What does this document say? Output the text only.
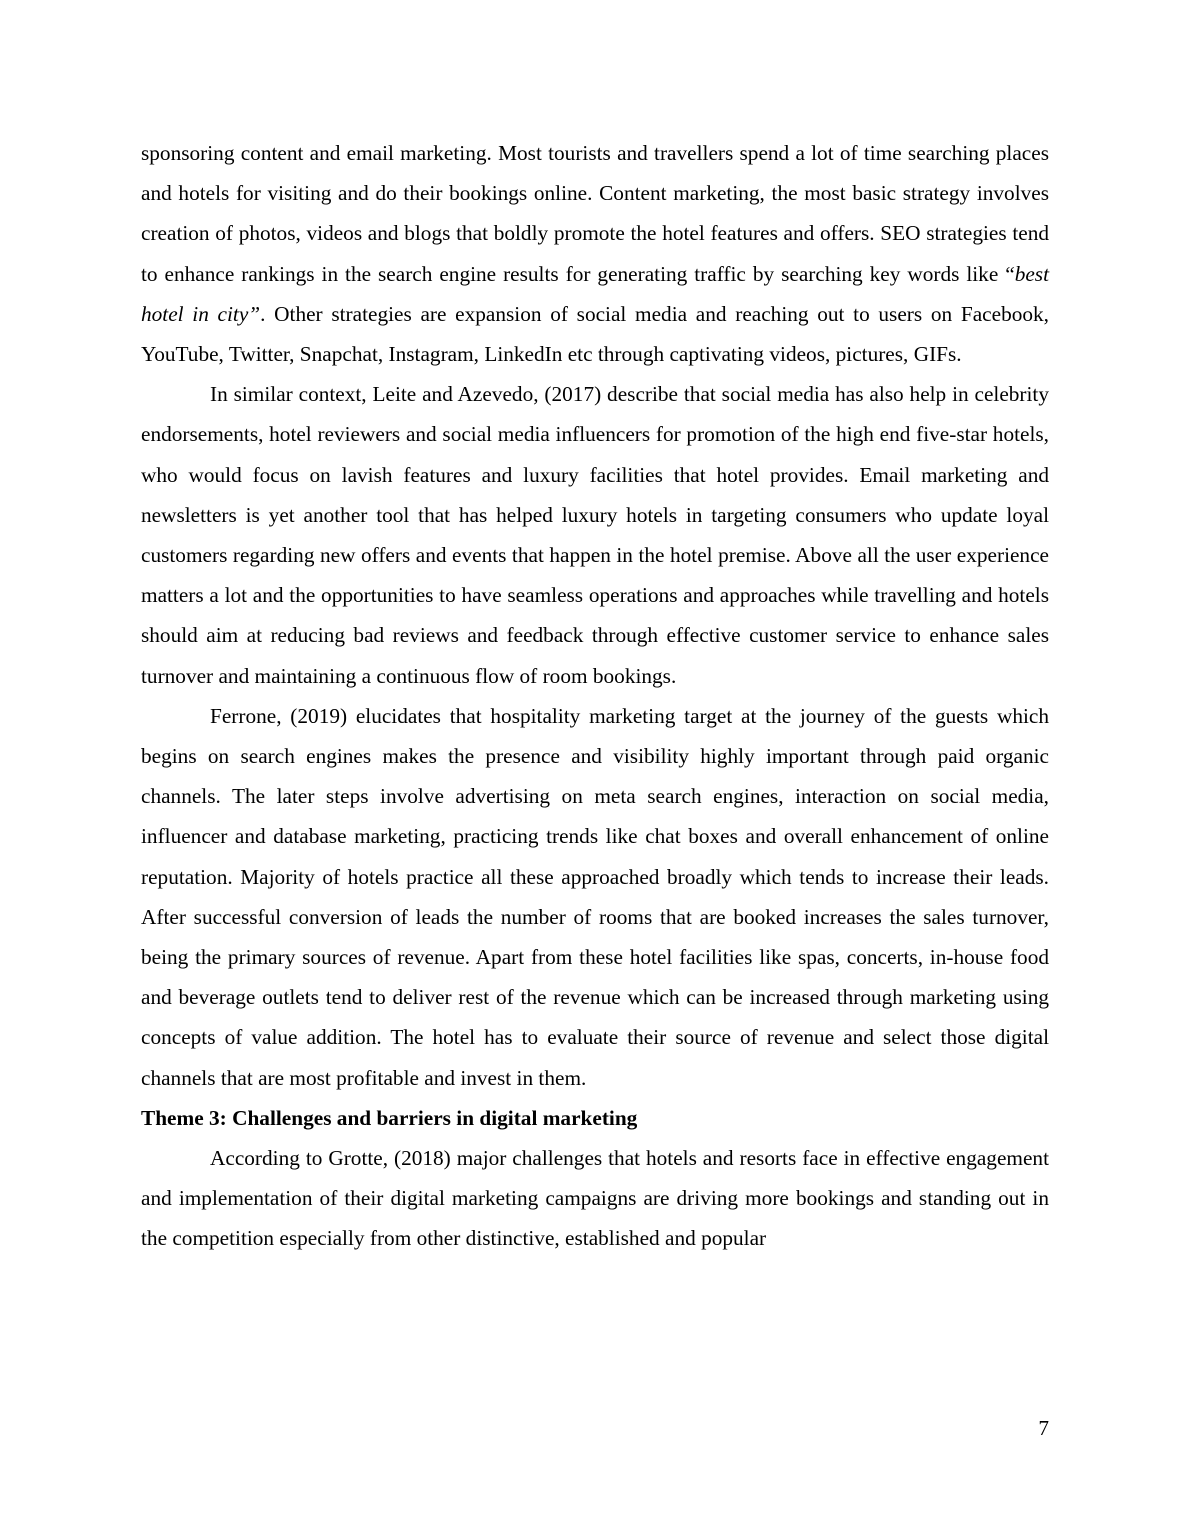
sponsoring content and email marketing. Most tourists and travellers spend a lot of time searching places and hotels for visiting and do their bookings online. Content marketing, the most basic strategy involves creation of photos, videos and blogs that boldly promote the hotel features and offers. SEO strategies tend to enhance rankings in the search engine results for generating traffic by searching key words like “best hotel in city”. Other strategies are expansion of social media and reaching out to users on Facebook, YouTube, Twitter, Snapchat, Instagram, LinkedIn etc through captivating videos, pictures, GIFs.

In similar context, Leite and Azevedo, (2017) describe that social media has also help in celebrity endorsements, hotel reviewers and social media influencers for promotion of the high end five-star hotels, who would focus on lavish features and luxury facilities that hotel provides. Email marketing and newsletters is yet another tool that has helped luxury hotels in targeting consumers who update loyal customers regarding new offers and events that happen in the hotel premise. Above all the user experience matters a lot and the opportunities to have seamless operations and approaches while travelling and hotels should aim at reducing bad reviews and feedback through effective customer service to enhance sales turnover and maintaining a continuous flow of room bookings.

Ferrone, (2019) elucidates that hospitality marketing target at the journey of the guests which begins on search engines makes the presence and visibility highly important through paid organic channels. The later steps involve advertising on meta search engines, interaction on social media, influencer and database marketing, practicing trends like chat boxes and overall enhancement of online reputation. Majority of hotels practice all these approached broadly which tends to increase their leads. After successful conversion of leads the number of rooms that are booked increases the sales turnover, being the primary sources of revenue. Apart from these hotel facilities like spas, concerts, in-house food and beverage outlets tend to deliver rest of the revenue which can be increased through marketing using concepts of value addition. The hotel has to evaluate their source of revenue and select those digital channels that are most profitable and invest in them.

Theme 3: Challenges and barriers in digital marketing

According to Grotte, (2018) major challenges that hotels and resorts face in effective engagement and implementation of their digital marketing campaigns are driving more bookings and standing out in the competition especially from other distinctive, established and popular

7
